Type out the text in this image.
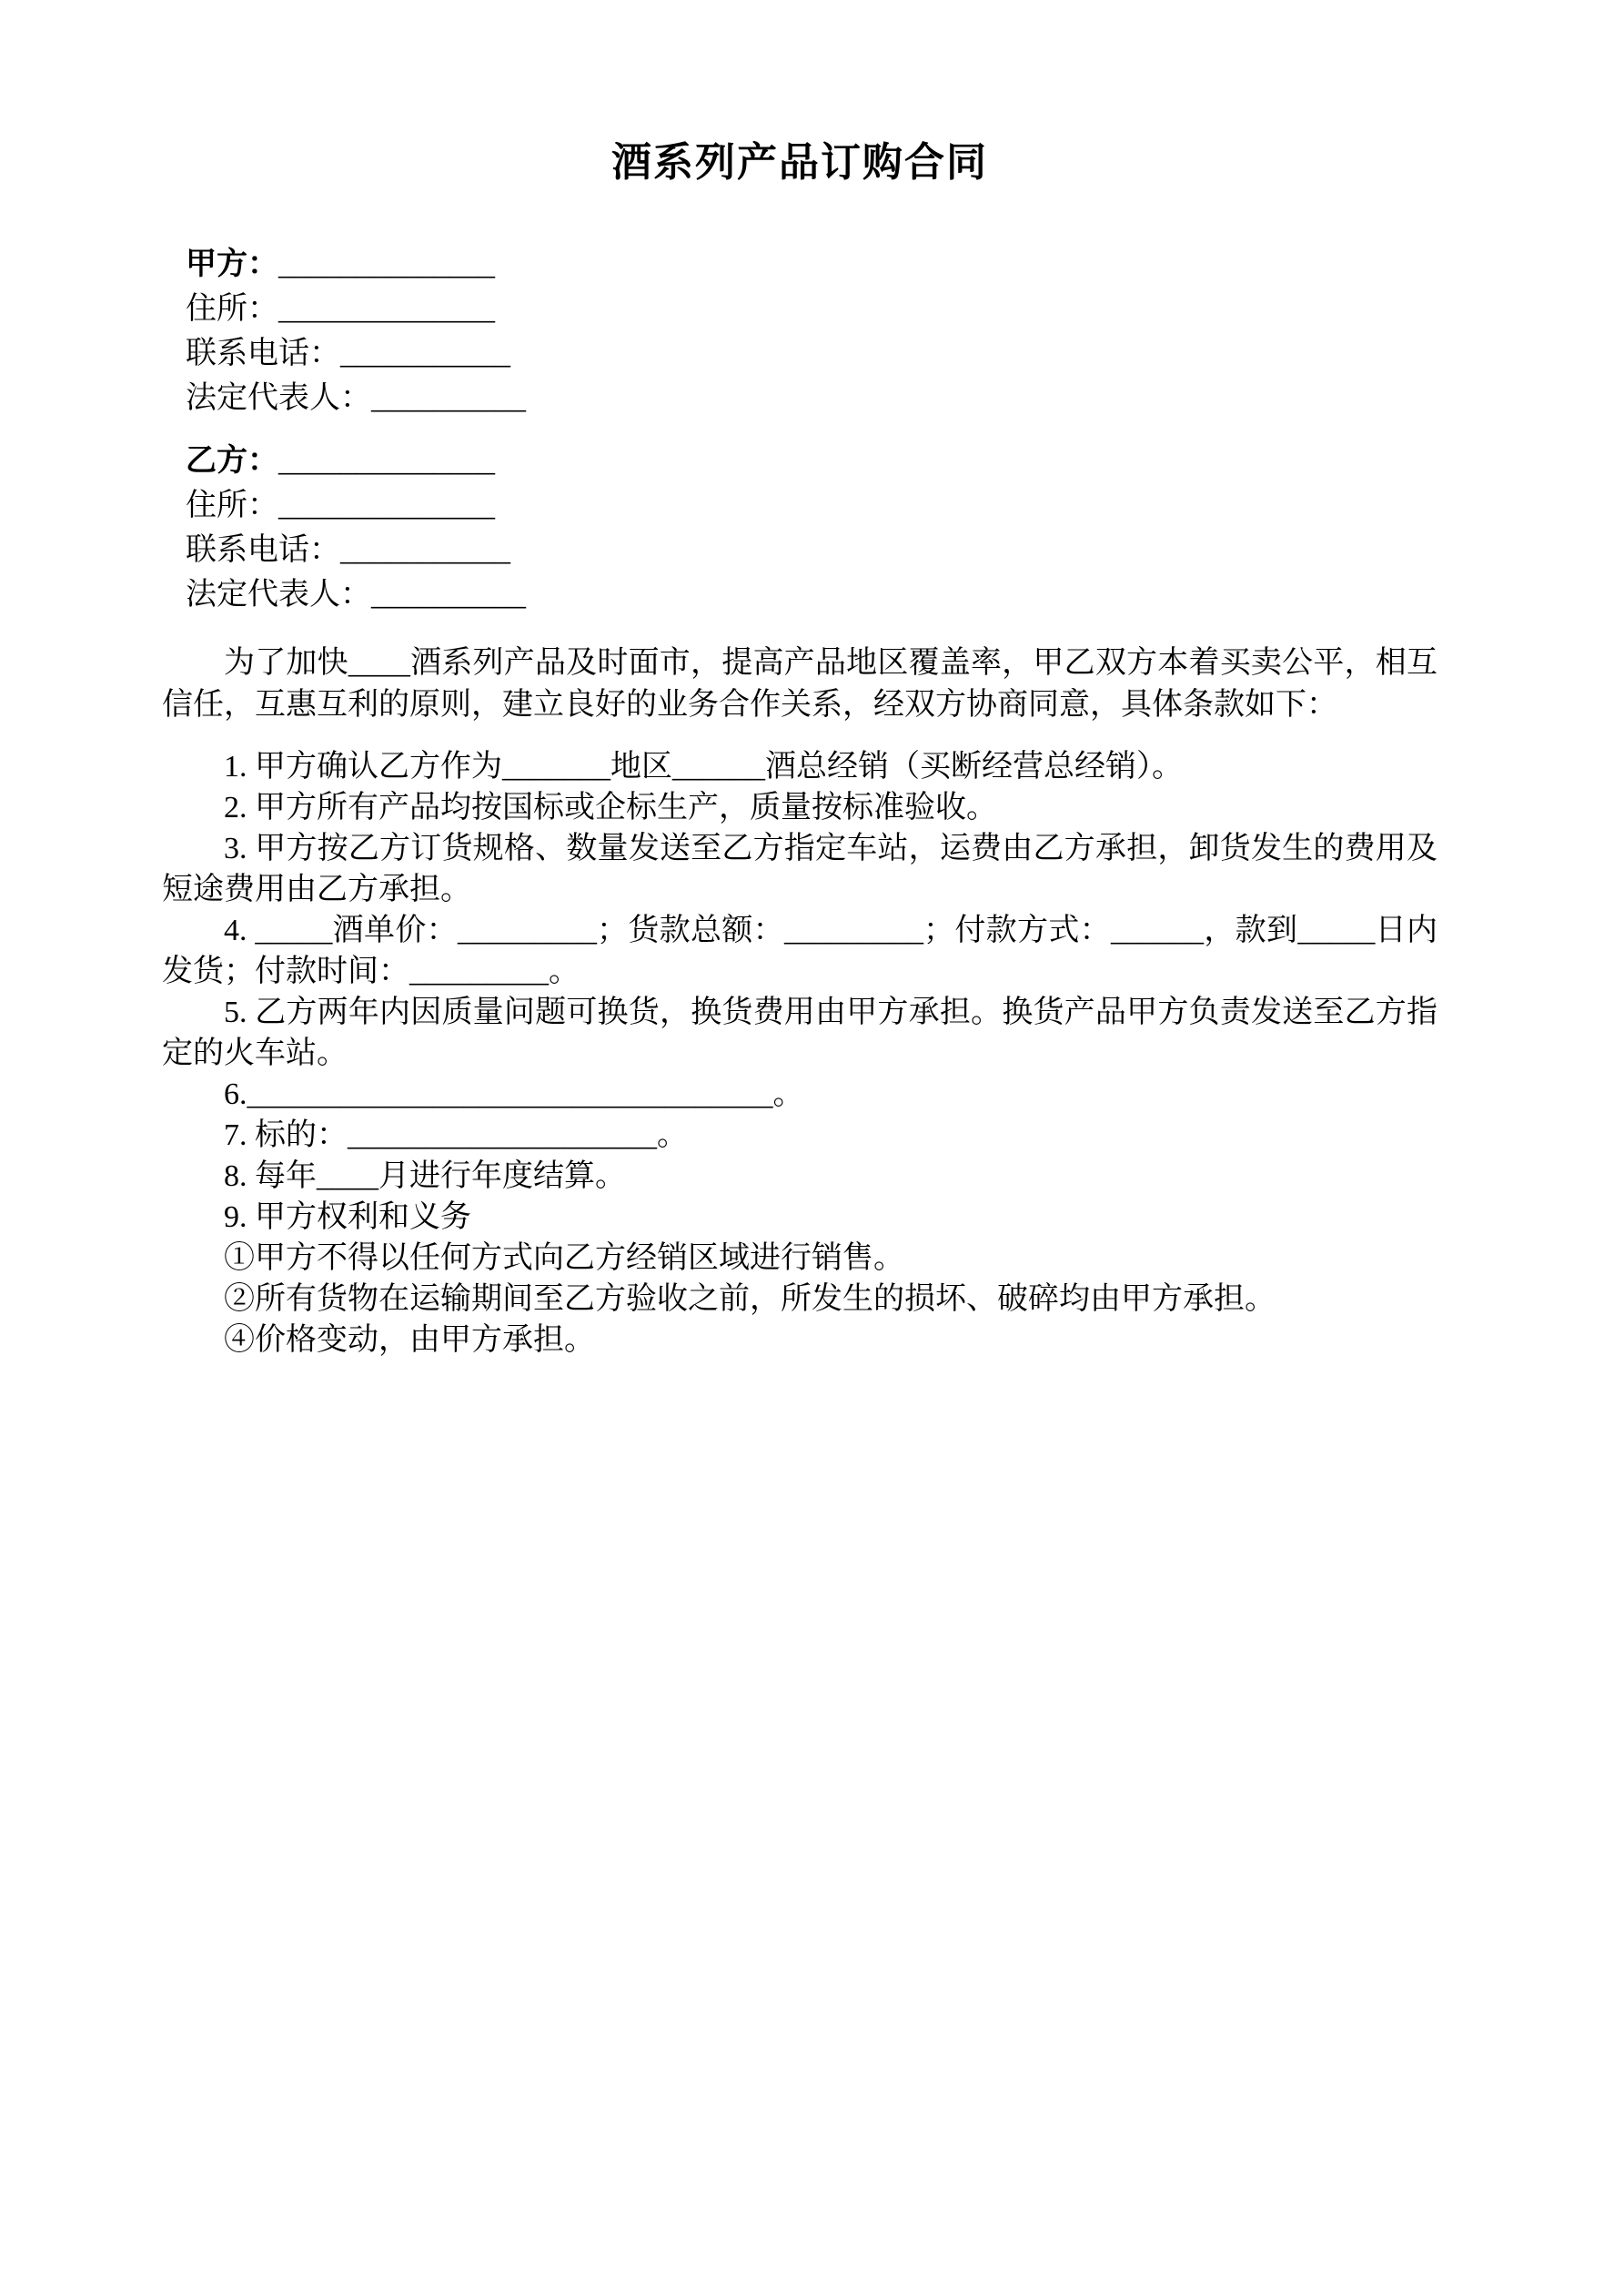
酒系列产品订购合同

甲方：______________

住所：______________

联系电话：___________

法定代表人：__________

乙方：______________

住所：______________

联系电话：___________

法定代表人：__________

为了加快____酒系列产品及时面市，提高产品地区覆盖率，甲乙双方本着买卖公平，相互信任，互惠互利的原则，建立良好的业务合作关系，经双方协商同意，具体条款如下：

1. 甲方确认乙方作为_______地区______酒总经销（买断经营总经销）。

2. 甲方所有产品均按国标或企标生产，质量按标准验收。

3. 甲方按乙方订货规格、数量发送至乙方指定车站，运费由乙方承担，卸货发生的费用及短途费用由乙方承担。

4. _____酒单价：_________；货款总额：_________；付款方式：______，款到_____日内发货；付款时间：_________。

5. 乙方两年内因质量问题可换货，换货费用由甲方承担。换货产品甲方负责发送至乙方指定的火车站。

6.__________________________________。

7. 标的：____________________。

8. 每年____月进行年度结算。

9. 甲方权利和义务

①甲方不得以任何方式向乙方经销区域进行销售。

②所有货物在运输期间至乙方验收之前，所发生的损坏、破碎均由甲方承担。

④价格变动，由甲方承担。
